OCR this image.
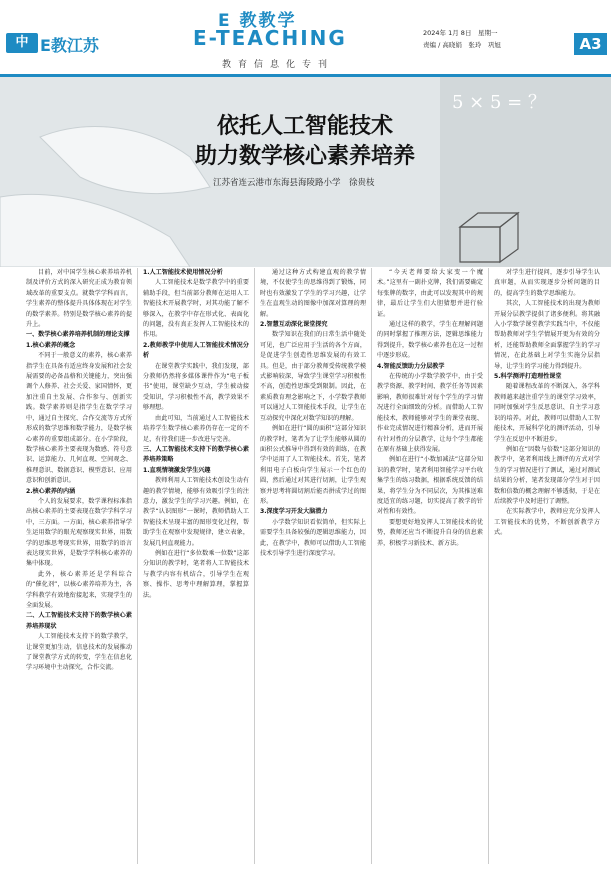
中 E教江苏
E 教教学
E-TEACHING
教育信息化专刊
2024年 1月 8日　星期一
责编 / 高晓娟　张玲　巩旭	A3
5 × 5 = ？
依托人工智能技术
助力数学核心素养培养
江苏省连云港市东海县海陵路小学　徐贵枝

目前，对中国学生核心素养培养机制及评价方式的深入研究正成为教育领域改革的重要支点。就数学学科而言，学生素养的整体提升具体体现在对学生的数学素养。特别是数学核心素养的提升上。

一、数学核心素养培养机制的理论支撑

1.核心素养的概念

不同于一般意义的素养，核心素养指学生在具备有适应终身发展和社会发展需要的必备品格和关键能力，突出强调个人修养、社会关爱、家国情怀，更加注重自主发展、合作参与、创新实践。数学素养则是指学生在数学学习中，通过自主探究、合作交流等方式所形成的数学思维和数学能力，是数学核心素养的重要组成部分。在小学阶段，数学核心素养主要表现为数感、符号意识、运算能力、几何直观、空间观念、推理意识、数据意识、模型意识、应用意识和创新意识。

2.核心素养的内涵

个人的发展要求，数学课程标准指出核心素养的主要表现在数学学科学习中，三方面。一方面，核心素养指导学生运用数学的眼光观察现实世界，用数学的思维思考现实世界，用数学的语言表达现实世界，是数学学科核心素养的集中体现。

此外，核心素养还是学科综合的“催化剂”，以核心素养培养为主，各学科教学有效地衔接起来，实现学生的全面发展。

二、人工智能技术支持下的数学核心素养培养现状

人工智能技术支持下的数学教学，让课堂更加生动，信息技术的发展推动了课堂教学方式的转变，学生在信息化学习环境中主动探究，合作交流。

1.人工智能技术使用情况分析

人工智能技术是数学教学中的重要辅助手段，但当前部分教师在运用人工智能技术开展教学时，对其功能了解不够深入，在教学中存在形式化、表面化的问题，没有真正发挥人工智能技术的作用。

2.教师教学中使用人工智能技术情况分析

在课堂教学实践中，我们发现，部分教师仍然将多媒体课件作为“电子板书”使用，课堂缺少互动，学生被动接受知识，学习积极性不高，教学效果不够理想。

由此可知，当前通过人工智能技术培养学生数学核心素养仍存在一定的不足，有待我们进一步改进与完善。

三、人工智能技术支持下的数学核心素养培养策略

1.直观情境激发学生兴趣

教师利用人工智能技术创设生动有趣的教学情境，能够有效吸引学生的注意力，激发学生的学习兴趣。例如，在教学“认识图形”一课时，教师借助人工智能技术呈现丰富的图形变化过程，帮助学生在观察中发现规律，建立表象，发展几何直观能力。

例如在进行“多位数乘一位数”这部分知识的教学时，笔者将人工智能技术与教学内容有机结合，引导学生在观察、操作、思考中理解算理，掌握算法。

通过这种方式构建直观的教学情境，不仅使学生的思维得到了锻炼，同时也有效激发了学生的学习兴趣，让学生在直观生动的图像中加深对算理的理解。

2.智慧互动深化课堂探究

数学知识在我们的日常生活中随处可见，也广泛应用于生活的各个方面，是促进学生创造性思维发展的有效工具。但是，由于部分教师受传统教学模式影响较深，导致学生课堂学习积极性不高，创造性思维受到限制。因此，在素质教育理念影响之下，小学数学教师可以通过人工智能技术手段，让学生在互动探究中深化对数学知识的理解。

例如在进行“圆的面积”这部分知识的教学时，笔者为了让学生能够从圆的面积公式推导中得到有效的训练，在教学中运用了人工智能技术。首先，笔者利用电子白板向学生展示一个红色的圆，然后通过对其进行切割，让学生观察并思考将圆切割后能否拼成学过的图形。

3.深度学习开发大脑潜力

小学数学知识看似简单，但实际上需要学生具备较强的逻辑思维能力，因此，在教学中，教师可以借助人工智能技术引导学生进行深度学习。

“今天老师要给大家变一个魔术。”这里有一副扑克牌，我们需要确定每张牌的数字，由此可以发现其中的规律，最后让学生们大胆猜想并进行验证。

通过这样的教学，学生在理解问题的同时掌握了推理方法，逻辑思维能力得到提升，数学核心素养也在这一过程中逐步形成。

4.智能反馈助力分层教学

在传统的小学数学教学中，由于受教学资源、教学时间、教学任务等因素影响，教师很难针对每个学生的学习情况进行全面细致的分析。而借助人工智能技术，教师能够对学生的课堂表现、作业完成情况进行精准分析，进而开展有针对性的分层教学，让每个学生都能在原有基础上获得发展。

例如在进行“小数加减法”这部分知识的教学时，笔者利用智能学习平台收集学生的练习数据，根据系统反馈的结果，将学生分为不同层次，为其推送难度适宜的练习题，切实提高了教学的针对性和有效性。

要想更好地发挥人工智能技术的优势，教师还应当不断提升自身的信息素养，积极学习新技术、新方法。

对学生进行提问，逐步引导学生认真审题，从而实现逐步分析问题的目的，提高学生的数学思维能力。

其次，人工智能技术的出现为教师开展分层教学提供了诸多便利。将其融入小学数学课堂教学实践当中，不仅能帮助教师对学生学情展开更为有效的分析，还能帮助教师全面掌握学生的学习情况，在此基础上对学生实施分层指导，让学生的学习能力得到提升。

5.科学测评打造理性课堂

随着课程改革的不断深入，各学科教师越来越注重学生的课堂学习效率，同时加强对学生反思意识、自主学习意识的培养。对此，教师可以借助人工智能技术，开展科学化的测评活动，引导学生在反思中不断进步。

例如在“因数与倍数”这部分知识的教学中，笔者利用线上测评的方式对学生的学习情况进行了测试，通过对测试结果的分析，笔者发现部分学生对于因数和倍数的概念理解不够透彻，于是在后续教学中及时进行了调整。

在实际教学中，教师应充分发挥人工智能技术的优势，不断创新教学方式。
